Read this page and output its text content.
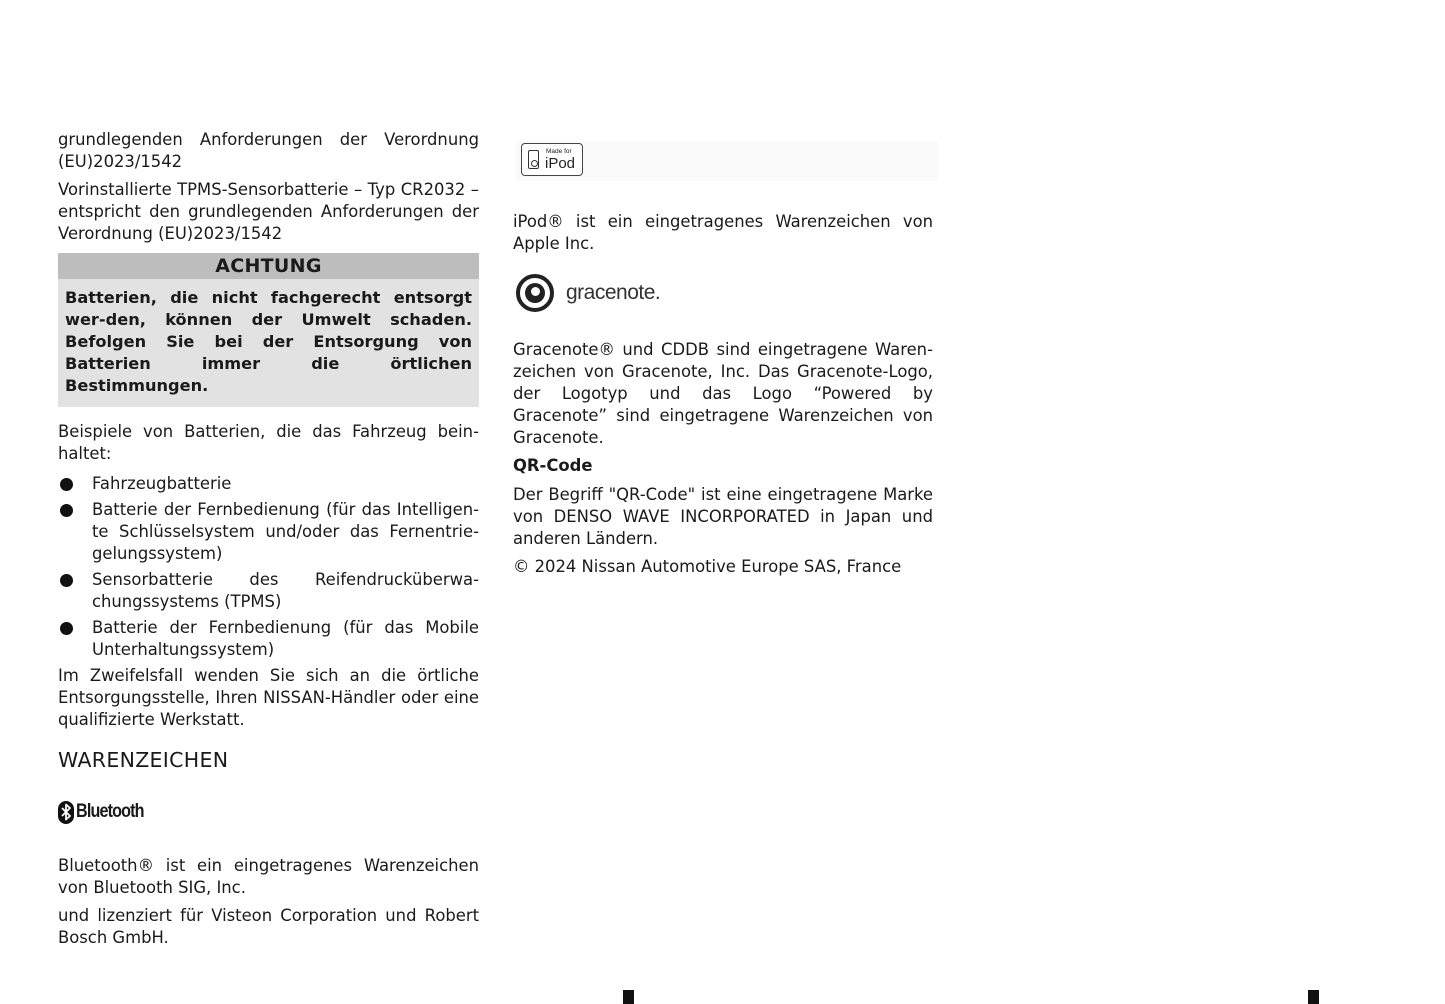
grundlegenden Anforderungen der Verordnung (EU)2023/1542

Vorinstallierte TPMS-Sensorbatterie – Typ CR2032 – entspricht den grundlegenden Anforderungen der Verordnung (EU)2023/1542

ACHTUNG
Batterien, die nicht fachgerecht entsorgt wer-den, können der Umwelt schaden. Befolgen Sie bei der Entsorgung von Batterien immer die örtlichen Bestimmungen.

Beispiele von Batterien, die das Fahrzeug bein-haltet:

Fahrzeugbatterie
Batterie der Fernbedienung (für das Intelligen-te Schlüsselsystem und/oder das Fernentrie-gelungssystem)
Sensorbatterie des Reifendrucküberwa-chungssystems (TPMS)
Batterie der Fernbedienung (für das Mobile Unterhaltungssystem)

Im Zweifelsfall wenden Sie sich an die örtliche Entsorgungsstelle, Ihren NISSAN-Händler oder eine qualifizierte Werkstatt.

WARENZEICHEN
Bluetooth

Bluetooth® ist ein eingetragenes Warenzeichen von Bluetooth SIG, Inc.

und lizenziert für Visteon Corporation und Robert Bosch GmbH.

Made for
iPod

iPod® ist ein eingetragenes Warenzeichen von Apple Inc.

gracenote.

Gracenote® und CDDB sind eingetragene Waren-zeichen von Gracenote, Inc. Das Gracenote-Logo, der Logotyp und das Logo “Powered by Gracenote” sind eingetragene Warenzeichen von Gracenote.

QR-Code

Der Begriff "QR-Code" ist eine eingetragene Marke von DENSO WAVE INCORPORATED in Japan und anderen Ländern.

© 2024 Nissan Automotive Europe SAS, France
